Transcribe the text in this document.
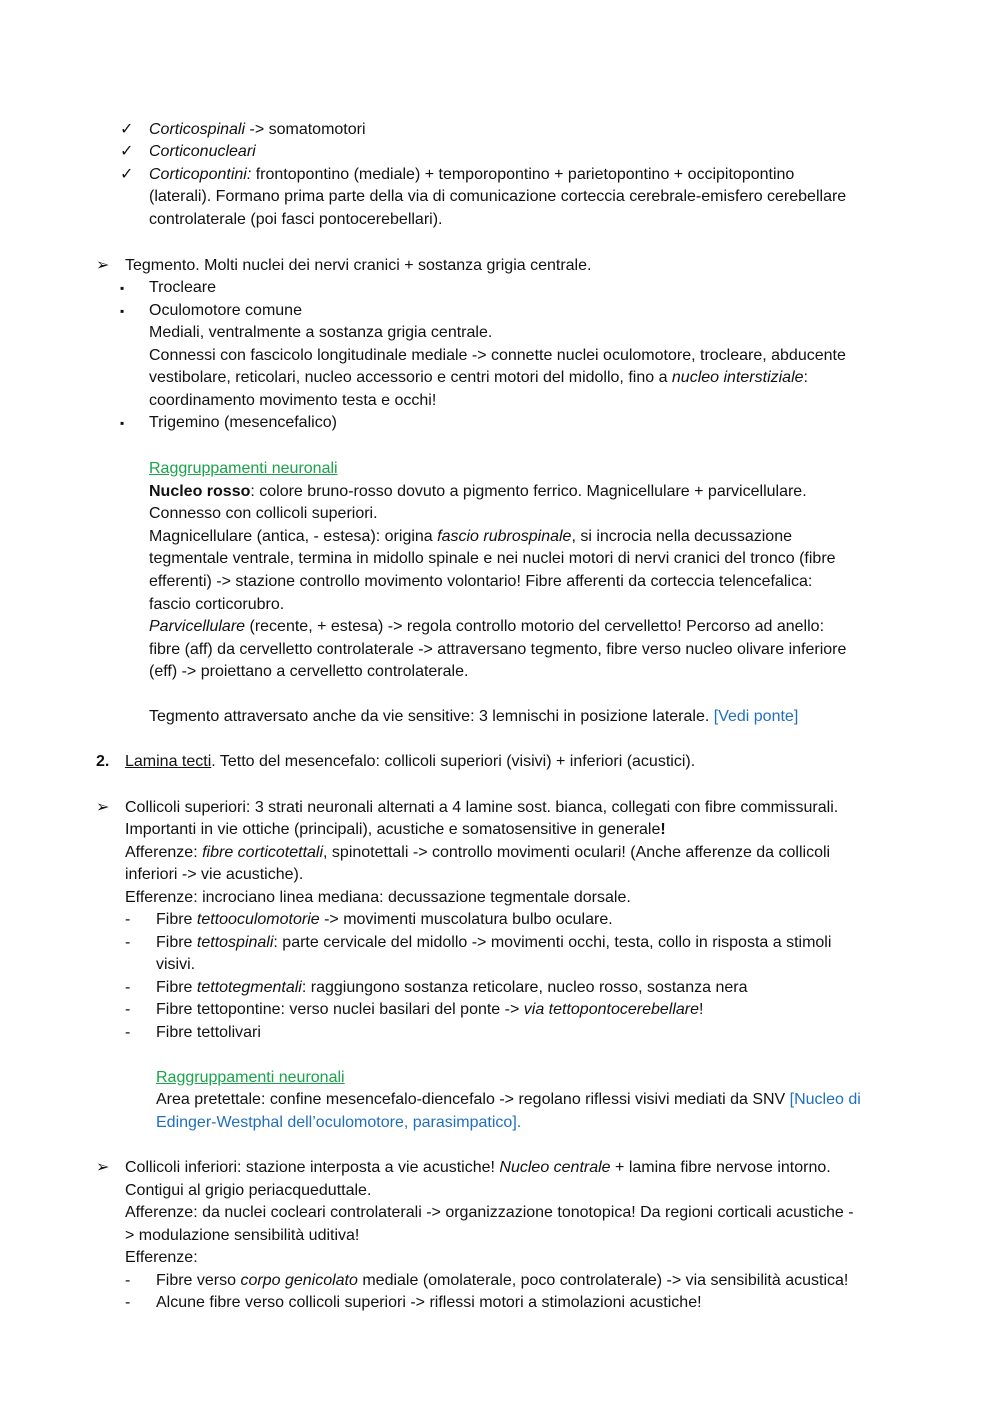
✓ Corticospinali -> somatomotori
✓ Corticonucleari
✓ Corticopontini: frontopontino (mediale) + temporopontino + parietopontino + occipitopontino
(laterali). Formano prima parte della via di comunicazione corteccia cerebrale-emisfero cerebellare
controlaterale (poi fasci pontocerebellari).
➢ Tegmento. Molti nuclei dei nervi cranici + sostanza grigia centrale.
▪ Trocleare
▪ Oculomotore comune
Mediali, ventralmente a sostanza grigia centrale.
Connessi con fascicolo longitudinale mediale -> connette nuclei oculomotore, trocleare, abducente
vestibolare, reticolari, nucleo accessorio e centri motori del midollo, fino a nucleo interstiziale:
coordinamento movimento testa e occhi!
▪ Trigemino (mesencefalico)
Raggruppamenti neuronali
Nucleo rosso: colore bruno-rosso dovuto a pigmento ferrico. Magnicellulare + parvicellulare.
Connesso con collicoli superiori.
Magnicellulare (antica, - estesa): origina fascio rubrospinale, si incrocia nella decussazione
tegmentale ventrale, termina in midollo spinale e nei nuclei motori di nervi cranici del tronco (fibre
efferenti) -> stazione controllo movimento volontario! Fibre afferenti da corteccia telencefalica:
fascio corticorubro.
Parvicellulare (recente, + estesa) -> regola controllo motorio del cervelletto! Percorso ad anello:
fibre (aff) da cervelletto controlaterale -> attraversano tegmento, fibre verso nucleo olivare inferiore
(eff) -> proiettano a cervelletto controlaterale.
Tegmento attraversato anche da vie sensitive: 3 lemnischi in posizione laterale. [Vedi ponte]
2. Lamina tecti. Tetto del mesencefalo: collicoli superiori (visivi) + inferiori (acustici).
➢ Collicoli superiori: 3 strati neuronali alternati a 4 lamine sost. bianca, collegati con fibre commissurali.
Importanti in vie ottiche (principali), acustiche e somatosensitive in generale!
Afferenze: fibre corticotettali, spinotettali -> controllo movimenti oculari! (Anche afferenze da collicoli
inferiori -> vie acustiche).
Efferenze: incrociano linea mediana: decussazione tegmentale dorsale.
- Fibre tettooculomotorie -> movimenti muscolatura bulbo oculare.
- Fibre tettospinali: parte cervicale del midollo -> movimenti occhi, testa, collo in risposta a stimoli
visivi.
- Fibre tettotegmentali: raggiungono sostanza reticolare, nucleo rosso, sostanza nera
- Fibre tettopontine: verso nuclei basilari del ponte -> via tettopontocerebellare!
- Fibre tettolivari
Raggruppamenti neuronali
Area pretettale: confine mesencefalo-diencefalo -> regolano riflessi visivi mediati da SNV [Nucleo di
Edinger-Westphal dell’oculomotore, parasimpatico].
➢ Collicoli inferiori: stazione interposta a vie acustiche! Nucleo centrale + lamina fibre nervose intorno.
Contigui al grigio periacqueduttale.
Afferenze: da nuclei cocleari controlaterali -> organizzazione tonotopica! Da regioni corticali acustiche -
> modulazione sensibilità uditiva!
Efferenze:
- Fibre verso corpo genicolato mediale (omolaterale, poco controlaterale) -> via sensibilità acustica!
- Alcune fibre verso collicoli superiori -> riflessi motori a stimolazioni acustiche!
